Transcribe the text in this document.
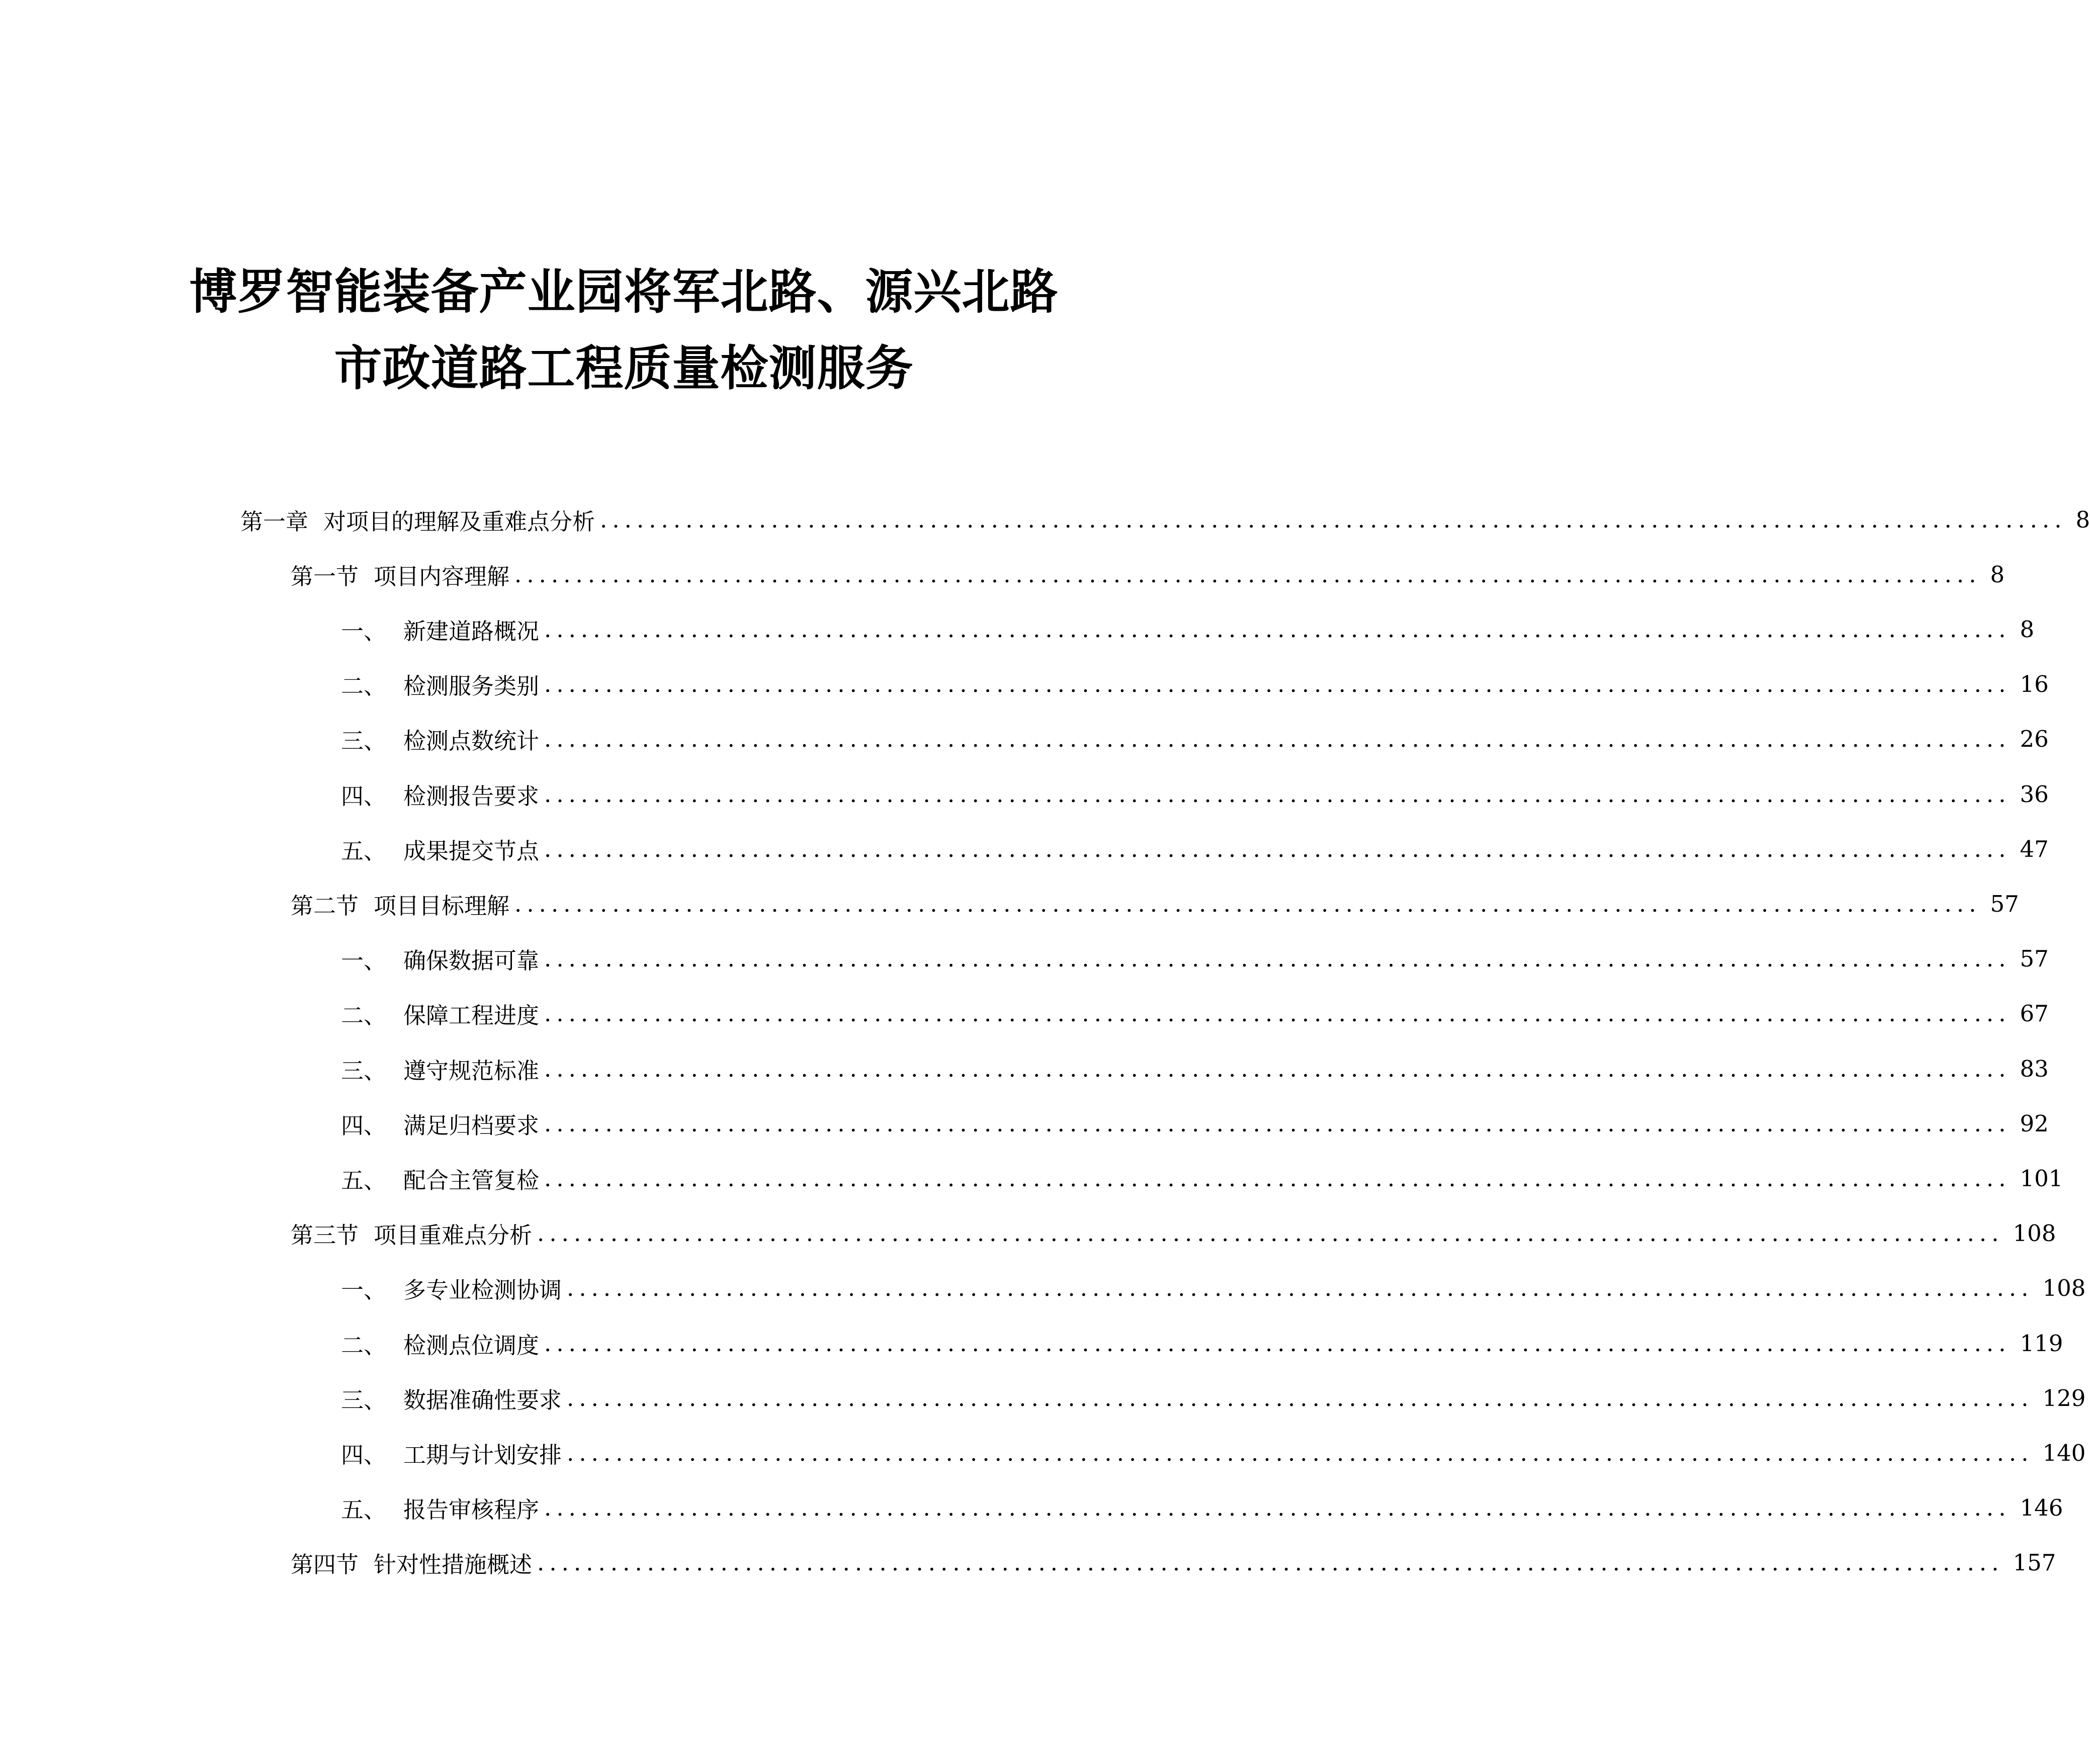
博罗智能装备产业园将军北路、源兴北路
市政道路工程质量检测服务
第一章 对项目的理解及重难点分析 ........................................................................................................................ 8
第一节 项目内容理解 ........................................................................................................................ 8
一、 新建道路概况 ........................................................................................................................ 8
二、 检测服务类别 ........................................................................................................................ 16
三、 检测点数统计 ........................................................................................................................ 26
四、 检测报告要求 ........................................................................................................................ 36
五、 成果提交节点 ........................................................................................................................ 47
第二节 项目目标理解 ........................................................................................................................ 57
一、 确保数据可靠 ........................................................................................................................ 57
二、 保障工程进度 ........................................................................................................................ 67
三、 遵守规范标准 ........................................................................................................................ 83
四、 满足归档要求 ........................................................................................................................ 92
五、 配合主管复检 ........................................................................................................................ 101
第三节 项目重难点分析 ........................................................................................................................ 108
一、 多专业检测协调 ........................................................................................................................ 108
二、 检测点位调度 ........................................................................................................................ 119
三、 数据准确性要求 ........................................................................................................................ 129
四、 工期与计划安排 ........................................................................................................................ 140
五、 报告审核程序 ........................................................................................................................ 146
第四节 针对性措施概述 ........................................................................................................................ 157
